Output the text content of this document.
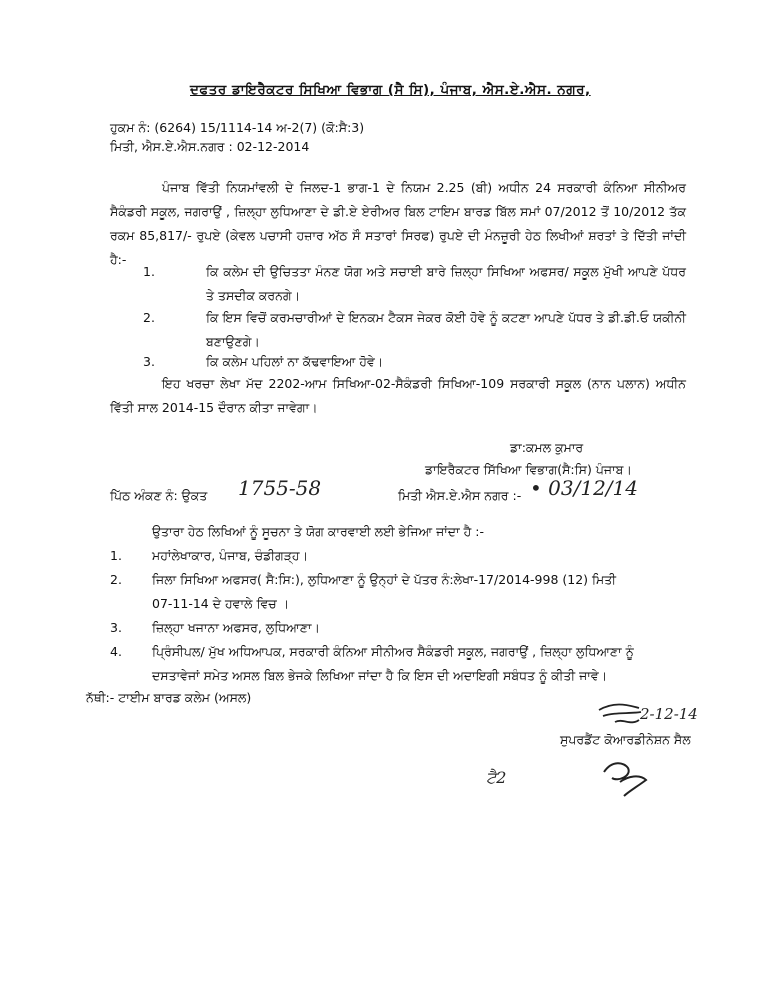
ਦਫਤਰ ਡਾਇਰੈਕਟਰ ਸਿਖਿਆ ਵਿਭਾਗ (ਸੈ ਸਿ), ਪੰਜਾਬ, ਐਸ.ਏ.ਐਸ. ਨਗਰ,
ਹੁਕਮ ਨੰ: (6264) 15/1114-14 ਅ-2(7) (ਕੋ:ਸੈ:3)
ਮਿਤੀ, ਐਸ.ਏ.ਐਸ.ਨਗਰ : 02-12-2014
ਪੰਜਾਬ ਵਿੱਤੀ ਨਿਯਮਾਂਵਲੀ ਦੇ ਜਿਲਦ-1 ਭਾਗ-1 ਦੇ ਨਿਯਮ 2.25 (ਬੀ) ਅਧੀਨ 24 ਸਰਕਾਰੀ ਕੰਨਿਆ ਸੀਨੀਅਰ ਸੈਕੰਡਰੀ ਸਕੂਲ, ਜਗਰਾਉਂ , ਜ਼ਿਲ੍ਹਾ ਲੁਧਿਆਣਾ ਦੇ ਡੀ.ਏ ਏਰੀਅਰ ਬਿਲ ਟਾਇਮ ਬਾਰਡ ਬਿੱਲ ਸਮਾਂ 07/2012 ਤੋਂ 10/2012 ਤੱਕ ਰਕਮ 85,817/- ਰੁਪਏ (ਕੇਵਲ ਪਚਾਸੀ ਹਜ਼ਾਰ ਅੱਠ ਸੌ ਸਤਾਰਾਂ ਸਿਰਫ) ਰੁਪਏ ਦੀ ਮੰਨਜ਼ੂਰੀ ਹੇਠ ਲਿਖੀਆਂ ਸ਼ਰਤਾਂ ਤੇ ਦਿੱਤੀ ਜਾਂਦੀ ਹੈ:-
1.	ਕਿ ਕਲੇਮ ਦੀ ਉਚਿਤਤਾ ਮੰਨਣ ਯੋਗ ਅਤੇ ਸਚਾਈ ਬਾਰੇ ਜ਼ਿਲ੍ਹਾ ਸਿਖਿਆ ਅਫਸਰ/ ਸਕੂਲ ਮੁੱਖੀ ਆਪਣੇ ਪੱਧਰ ਤੇ ਤਸਦੀਕ ਕਰਨਗੇ।
2.	ਕਿ ਇਸ ਵਿਚੋਂ ਕਰਮਚਾਰੀਆਂ ਦੇ ਇਨਕਮ ਟੈਕਸ ਜੇਕਰ ਕੋਈ ਹੋਵੇ ਨੂੰ ਕਟਣਾ ਆਪਣੇ ਪੱਧਰ ਤੇ ਡੀ.ਡੀ.ਓ ਯਕੀਨੀ ਬਣਾਉਣਗੇ।
3.	ਕਿ ਕਲੇਮ ਪਹਿਲਾਂ ਨਾ ਕੱਢਵਾਇਆ ਹੋਵੇ।
ਇਹ ਖਰਚਾ ਲੇਖਾ ਮੱਦ 2202-ਆਮ ਸਿਖਿਆ-02-ਸੈਕੰਡਰੀ ਸਿਖਿਆ-109 ਸਰਕਾਰੀ ਸਕੂਲ (ਨਾਨ ਪਲਾਨ) ਅਧੀਨ ਵਿੱਤੀ ਸਾਲ 2014-15 ਦੌਰਾਨ ਕੀਤਾ ਜਾਵੇਗਾ।
ਡਾ:ਕਮਲ ਕੁਮਾਰ
ਡਾਇਰੈਕਟਰ ਸਿੱਖਿਆ ਵਿਭਾਗ(ਸੈ:ਸਿ) ਪੰਜਾਬ।
ਪਿੱਠ ਅੰਕਣ ਨੰ: ਉਕਤ 1755-58	ਮਿਤੀ ਐਸ.ਏ.ਐਸ ਨਗਰ :- • 03/12/14
ਉਤਾਰਾ ਹੇਠ ਲਿਖਿਆਂ ਨੂੰ ਸੂਚਨਾ ਤੇ ਯੋਗ ਕਾਰਵਾਈ ਲਈ ਭੇਜਿਆ ਜਾਂਦਾ ਹੈ :-
1. ਮਹਾਂਲੇਖਾਕਾਰ, ਪੰਜਾਬ, ਚੰਡੀਗੜ੍ਹ।
2. ਜਿਲਾ ਸਿਖਿਆ ਅਫਸਰ( ਸੈ:ਸਿ:), ਲੁਧਿਆਣਾ ਨੂੰ ਉਨ੍ਹਾਂ ਦੇ ਪੱਤਰ ਨੰ:ਲੇਖਾ-17/2014-998 (12) ਮਿਤੀ
07-11-14 ਦੇ ਹਵਾਲੇ ਵਿਚ ।
3. ਜ਼ਿਲ੍ਹਾ ਖਜਾਨਾ ਅਫਸਰ, ਲੁਧਿਆਣਾ।
4. ਪ੍ਰਿੰਸੀਪਲ/ ਮੁੱਖ ਅਧਿਆਪਕ, ਸਰਕਾਰੀ ਕੰਨਿਆ ਸੀਨੀਅਰ ਸੈਕੰਡਰੀ ਸਕੂਲ, ਜਗਰਾਉਂ , ਜ਼ਿਲ੍ਹਾ ਲੁਧਿਆਣਾ ਨੂੰ
ਦਸਤਾਵੇਜਾਂ ਸਮੇਤ ਅਸਲ ਬਿਲ ਭੇਜਕੇ ਲਿਖਿਆ ਜਾਂਦਾ ਹੈ ਕਿ ਇਸ ਦੀ ਅਦਾਇਗੀ ਸਬੰਧਤ ਨੂੰ ਕੀਤੀ ਜਾਵੇ।
ਨੱਥੀ:- ਟਾਈਮ ਬਾਰਡ ਕਲੇਮ (ਅਸਲ)
2-12-14
ਸੁਪਰਡੈਂਟ ਕੋਆਰਡੀਨੇਸ਼ਨ ਸੈਲ
ਟੈ2
